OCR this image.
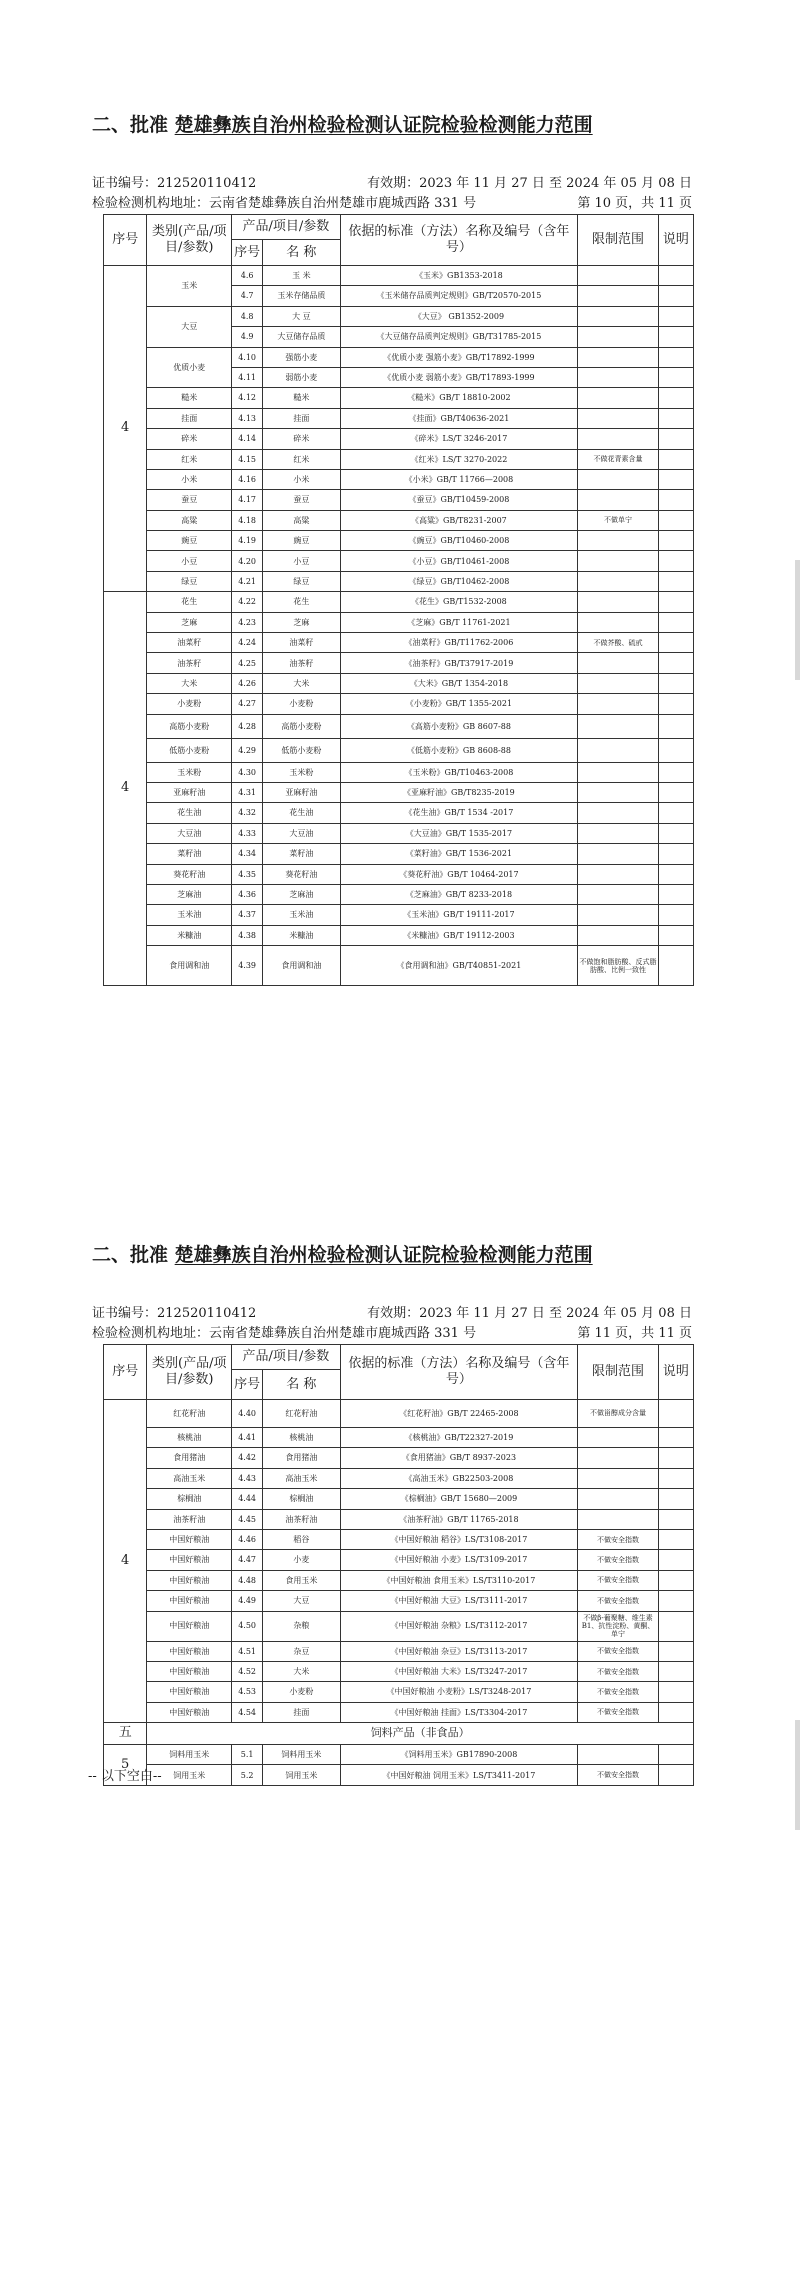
二、批准 楚雄彝族自治州检验检测认证院检验检测能力范围
证书编号：212520110412	有效期：2023 年 11 月 27 日 至 2024 年 05 月 08 日
检验检测机构地址：云南省楚雄彝族自治州楚雄市鹿城西路 331 号	第 10 页，共 11 页
序号	类别(产品/项目/参数)	产品/项目/参数		依据的标准（方法）名称及编号（含年号）	限制范围	说明
		序号	名 称			
4	玉米	4.6	玉 米	《玉米》GB1353-2018		
		4.7	玉米存储品质	《玉米储存品质判定规则》GB/T20570-2015		
	大豆	4.8	大 豆	《大豆》 GB1352-2009		
		4.9	大豆储存品质	《大豆储存品质判定规则》GB/T31785-2015		
	优质小麦	4.10	强筋小麦	《优质小麦 强筋小麦》GB/T17892-1999		
		4.11	弱筋小麦	《优质小麦 弱筋小麦》GB/T17893-1999		
	糙米	4.12	糙米	《糙米》GB/T 18810-2002		
	挂面	4.13	挂面	《挂面》GB/T40636-2021		
	碎米	4.14	碎米	《碎米》LS/T 3246-2017		
	红米	4.15	红米	《红米》LS/T 3270-2022	不做花青素含量	
	小米	4.16	小米	《小米》GB/T 11766—2008		
	蚕豆	4.17	蚕豆	《蚕豆》GB/T10459-2008		
	高粱	4.18	高粱	《高粱》GB/T8231-2007	不做单宁	
	豌豆	4.19	豌豆	《豌豆》GB/T10460-2008		
	小豆	4.20	小豆	《小豆》GB/T10461-2008		
	绿豆	4.21	绿豆	《绿豆》GB/T10462-2008		
4	花生	4.22	花生	《花生》GB/T1532-2008		
	芝麻	4.23	芝麻	《芝麻》GB/T 11761-2021		
	油菜籽	4.24	油菜籽	《油菜籽》GB/T11762-2006	不做芥酸、硫甙	
	油茶籽	4.25	油茶籽	《油茶籽》GB/T37917-2019		
	大米	4.26	大米	《大米》GB/T 1354-2018		
	小麦粉	4.27	小麦粉	《小麦粉》GB/T 1355-2021		
	高筋小麦粉	4.28	高筋小麦粉	《高筋小麦粉》GB 8607-88		
	低筋小麦粉	4.29	低筋小麦粉	《低筋小麦粉》GB 8608-88		
	玉米粉	4.30	玉米粉	《玉米粉》GB/T10463-2008		
	亚麻籽油	4.31	亚麻籽油	《亚麻籽油》GB/T8235-2019		
	花生油	4.32	花生油	《花生油》GB/T 1534 -2017		
	大豆油	4.33	大豆油	《大豆油》GB/T 1535-2017		
	菜籽油	4.34	菜籽油	《菜籽油》GB/T 1536-2021		
	葵花籽油	4.35	葵花籽油	《葵花籽油》GB/T 10464-2017		
	芝麻油	4.36	芝麻油	《芝麻油》GB/T 8233-2018		
	玉米油	4.37	玉米油	《玉米油》GB/T 19111-2017		
	米糠油	4.38	米糠油	《米糠油》GB/T 19112-2003		
	食用调和油	4.39	食用调和油	《食用调和油》GB/T40851-2021	不做饱和脂肪酸、反式脂肪酸、比例一致性	
二、批准 楚雄彝族自治州检验检测认证院检验检测能力范围
证书编号：212520110412	有效期：2023 年 11 月 27 日 至 2024 年 05 月 08 日
检验检测机构地址：云南省楚雄彝族自治州楚雄市鹿城西路 331 号	第 11 页，共 11 页
序号	类别(产品/项目/参数)	产品/项目/参数		依据的标准（方法）名称及编号（含年号）	限制范围	说明
		序号	名 称			
4	红花籽油	4.40	红花籽油	《红花籽油》GB/T 22465-2008	不做甾醇成分含量	
	核桃油	4.41	核桃油	《核桃油》GB/T22327-2019		
	食用猪油	4.42	食用猪油	《食用猪油》GB/T 8937-2023		
	高油玉米	4.43	高油玉米	《高油玉米》GB22503-2008		
	棕榈油	4.44	棕榈油	《棕榈油》GB/T 15680—2009		
	油茶籽油	4.45	油茶籽油	《油茶籽油》GB/T 11765-2018		
	中国好粮油	4.46	稻谷	《中国好粮油 稻谷》LS/T3108-2017	不做安全指数	
	中国好粮油	4.47	小麦	《中国好粮油 小麦》LS/T3109-2017	不做安全指数	
	中国好粮油	4.48	食用玉米	《中国好粮油 食用玉米》LS/T3110-2017	不做安全指数	
	中国好粮油	4.49	大豆	《中国好粮油 大豆》LS/T3111-2017	不做安全指数	
	中国好粮油	4.50	杂粮	《中国好粮油 杂粮》LS/T3112-2017	不做β-葡聚糖、维生素B1、抗性淀粉、黄酮、单宁	
	中国好粮油	4.51	杂豆	《中国好粮油 杂豆》LS/T3113-2017	不做安全指数	
	中国好粮油	4.52	大米	《中国好粮油 大米》LS/T3247-2017	不做安全指数	
	中国好粮油	4.53	小麦粉	《中国好粮油 小麦粉》LS/T3248-2017	不做安全指数	
	中国好粮油	4.54	挂面	《中国好粮油 挂面》LS/T3304-2017	不做安全指数	
五	饲料产品（非食品）					
5	饲料用玉米	5.1	饲料用玉米	《饲料用玉米》GB17890-2008		
	饲用玉米	5.2	饲用玉米	《中国好粮油 饲用玉米》LS/T3411-2017	不做安全指数	
-- 以下空白--
